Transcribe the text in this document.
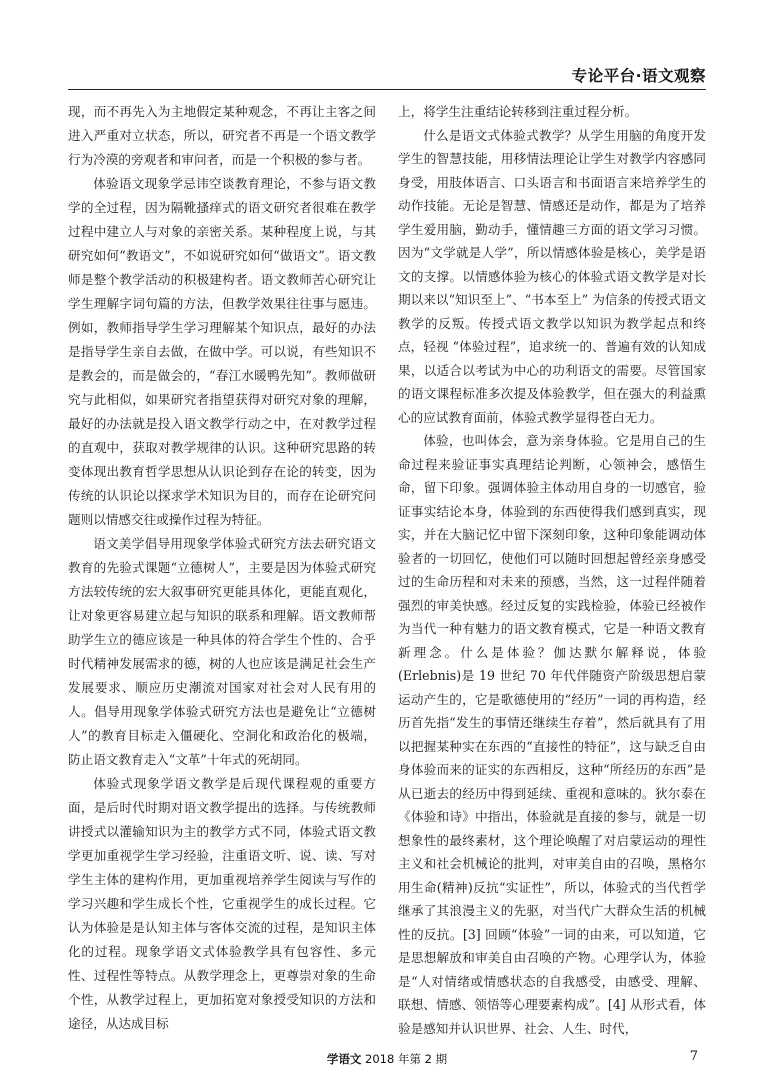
专论平台·语文观察

现，而不再先入为主地假定某种观念，不再让主客之间进入严重对立状态，所以，研究者不再是一个语文教学行为冷漠的旁观者和审问者，而是一个积极的参与者。

体验语文现象学忌讳空谈教育理论，不参与语文教学的全过程，因为隔靴搔痒式的语文研究者很难在教学过程中建立人与对象的亲密关系。某种程度上说，与其研究如何“教语文”，不如说研究如何“做语文”。语文教师是整个教学活动的积极建构者。语文教师苦心研究让学生理解字词句篇的方法，但教学效果往往事与愿违。例如，教师指导学生学习理解某个知识点，最好的办法是指导学生亲自去做，在做中学。可以说，有些知识不是教会的，而是做会的，“春江水暖鸭先知”。教师做研究与此相似，如果研究者指望获得对研究对象的理解，最好的办法就是投入语文教学行动之中，在对教学过程的直观中，获取对教学规律的认识。这种研究思路的转变体现出教育哲学思想从认识论到存在论的转变，因为传统的认识论以探求学术知识为目的，而存在论研究问题则以情感交往或操作过程为特征。

语文美学倡导用现象学体验式研究方法去研究语文教育的先验式课题“立德树人”，主要是因为体验式研究方法较传统的宏大叙事研究更能具体化，更能直观化，让对象更容易建立起与知识的联系和理解。语文教师帮助学生立的德应该是一种具体的符合学生个性的、合乎时代精神发展需求的德，树的人也应该是满足社会生产发展要求、顺应历史潮流对国家对社会对人民有用的人。倡导用现象学体验式研究方法也是避免让“立德树人”的教育目标走入僵硬化、空洞化和政治化的极端，防止语文教育走入“文革”十年式的死胡同。

体验式现象学语文教学是后现代课程观的重要方面，是后时代时期对语文教学提出的选择。与传统教师讲授式以灌输知识为主的教学方式不同，体验式语文教学更加重视学生学习经验，注重语文听、说、读、写对学生主体的建构作用，更加重视培养学生阅读与写作的学习兴趣和学生成长个性，它重视学生的成长过程。它认为体验是是认知主体与客体交流的过程，是知识主体化的过程。现象学语文式体验教学具有包容性、多元性、过程性等特点。从教学理念上，更尊崇对象的生命个性，从教学过程上，更加拓宽对象授受知识的方法和途径，从达成目标

上，将学生注重结论转移到注重过程分析。

什么是语文式体验式教学？从学生用脑的角度开发学生的智慧技能，用移情法理论让学生对教学内容感同身受，用肢体语言、口头语言和书面语言来培养学生的动作技能。无论是智慧、情感还是动作，都是为了培养学生爱用脑，勤动手，懂情趣三方面的语文学习习惯。因为“文学就是人学”，所以情感体验是核心，美学是语文的支撑。以情感体验为核心的体验式语文教学是对长期以来以“知识至上”、“书本至上” 为信条的传授式语文教学的反叛。传授式语文教学以知识为教学起点和终点，轻视 “体验过程”，追求统一的、普遍有效的认知成果，以适合以考试为中心的功利语文的需要。尽管国家的语文课程标准多次提及体验教学，但在强大的利益熏心的应试教育面前，体验式教学显得苍白无力。

体验，也叫体会，意为亲身体验。它是用自己的生命过程来验证事实真理结论判断，心领神会，感悟生命，留下印象。强调体验主体动用自身的一切感官，验证事实结论本身，体验到的东西使得我们感到真实，现实，并在大脑记忆中留下深刻印象，这种印象能调动体验者的一切回忆，使他们可以随时回想起曾经亲身感受过的生命历程和对未来的预感，当然，这一过程伴随着强烈的审美快感。经过反复的实践检验，体验已经被作为当代一种有魅力的语文教育模式，它是一种语文教育新理念。什么是体验？伽达默尔解释说，体验(Erlebnis)是 19 世纪 70 年代伴随资产阶级思想启蒙运动产生的，它是歌德使用的“经历”一词的再构造，经历首先指“发生的事情还继续生存着”，然后就具有了用以把握某种实在东西的“直接性的特征”，这与缺乏自由身体验而来的证实的东西相反，这种“所经历的东西”是从已逝去的经历中得到延续、重视和意味的。狄尔泰在《体验和诗》中指出，体验就是直接的参与，就是一切想象性的最终素材，这个理论唤醒了对启蒙运动的理性主义和社会机械论的批判，对审美自由的召唤，黑格尔用生命(精神)反抗“实证性”，所以，体验式的当代哲学继承了其浪漫主义的先驱，对当代广大群众生活的机械性的反抗。[3] 回顾“体验”一词的由来，可以知道，它是思想解放和审美自由召唤的产物。心理学认为，体验是“人对情绪或情感状态的自我感受，由感受、理解、联想、情感、领悟等心理要素构成”。[4] 从形式看，体验是感知并认识世界、社会、人生、时代，

学语文 2018 年第 2 期	7
